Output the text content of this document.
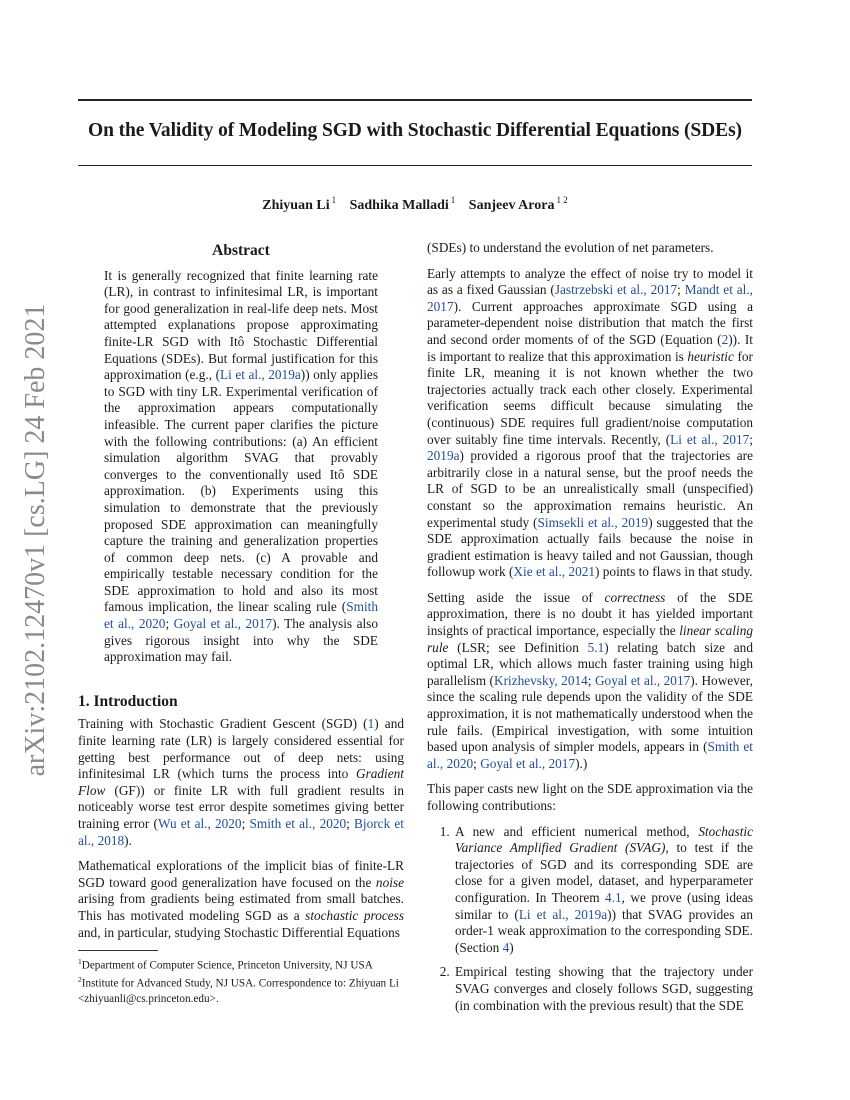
On the Validity of Modeling SGD with Stochastic Differential Equations (SDEs)
Zhiyuan Li $^1$ Sadhika Malladi $^1$ Sanjeev Arora $^{1 2}$
arXiv:2102.12470v1 [cs.LG] 24 Feb 2021
Abstract

It is generally recognized that finite learning rate (LR), in contrast to infinitesimal LR, is important for good generalization in real-life deep nets. Most attempted explanations propose approximating finite-LR SGD with Itô Stochastic Differential Equations (SDEs). But formal justification for this approximation (e.g., (Li et al., 2019a)) only applies to SGD with tiny LR. Experimental verification of the approximation appears computationally infeasible. The current paper clarifies the picture with the following contributions: (a) An efficient simulation algorithm SVAG that provably converges to the conventionally used Itô SDE approximation. (b) Experiments using this simulation to demonstrate that the previously proposed SDE approximation can meaningfully capture the training and generalization properties of common deep nets. (c) A provable and empirically testable necessary condition for the SDE approximation to hold and also its most famous implication, the linear scaling rule (Smith et al., 2020; Goyal et al., 2017). The analysis also gives rigorous insight into why the SDE approximation may fail.

1. Introduction

Training with Stochastic Gradient Gescent (SGD) (1) and finite learning rate (LR) is largely considered essential for getting best performance out of deep nets: using infinitesimal LR (which turns the process into Gradient Flow (GF)) or finite LR with full gradient results in noticeably worse test error despite sometimes giving better training error (Wu et al., 2020; Smith et al., 2020; Bjorck et al., 2018).

Mathematical explorations of the implicit bias of finite-LR SGD toward good generalization have focused on the noise arising from gradients being estimated from small batches. This has motivated modeling SGD as a stochastic process and, in particular, studying Stochastic Differential Equations

$^1$Department of Computer Science, Princeton University, NJ USA $^2$Institute for Advanced Study, NJ USA. Correspondence to: Zhiyuan Li <zhiyuanli@cs.princeton.edu>.

(SDEs) to understand the evolution of net parameters.

Early attempts to analyze the effect of noise try to model it as as a fixed Gaussian (Jastrzebski et al., 2017; Mandt et al., 2017). Current approaches approximate SGD using a parameter-dependent noise distribution that match the first and second order moments of of the SGD (Equation (2)). It is important to realize that this approximation is heuristic for finite LR, meaning it is not known whether the two trajectories actually track each other closely. Experimental verification seems difficult because simulating the (continuous) SDE requires full gradient/noise computation over suitably fine time intervals. Recently, (Li et al., 2017; 2019a) provided a rigorous proof that the trajectories are arbitrarily close in a natural sense, but the proof needs the LR of SGD to be an unrealistically small (unspecified) constant so the approximation remains heuristic. An experimental study (Simsekli et al., 2019) suggested that the SDE approximation actually fails because the noise in gradient estimation is heavy tailed and not Gaussian, though followup work (Xie et al., 2021) points to flaws in that study.

Setting aside the issue of correctness of the SDE approximation, there is no doubt it has yielded important insights of practical importance, especially the linear scaling rule (LSR; see Definition 5.1) relating batch size and optimal LR, which allows much faster training using high parallelism (Krizhevsky, 2014; Goyal et al., 2017). However, since the scaling rule depends upon the validity of the SDE approximation, it is not mathematically understood when the rule fails. (Empirical investigation, with some intuition based upon analysis of simpler models, appears in (Smith et al., 2020; Goyal et al., 2017).)

This paper casts new light on the SDE approximation via the following contributions:

1. A new and efficient numerical method, Stochastic Variance Amplified Gradient (SVAG), to test if the trajectories of SGD and its corresponding SDE are close for a given model, dataset, and hyperparameter configuration. In Theorem 4.1, we prove (using ideas similar to (Li et al., 2019a)) that SVAG provides an order-1 weak approximation to the corresponding SDE. (Section 4)
2. Empirical testing showing that the trajectory under SVAG converges and closely follows SGD, suggesting (in combination with the previous result) that the SDE
